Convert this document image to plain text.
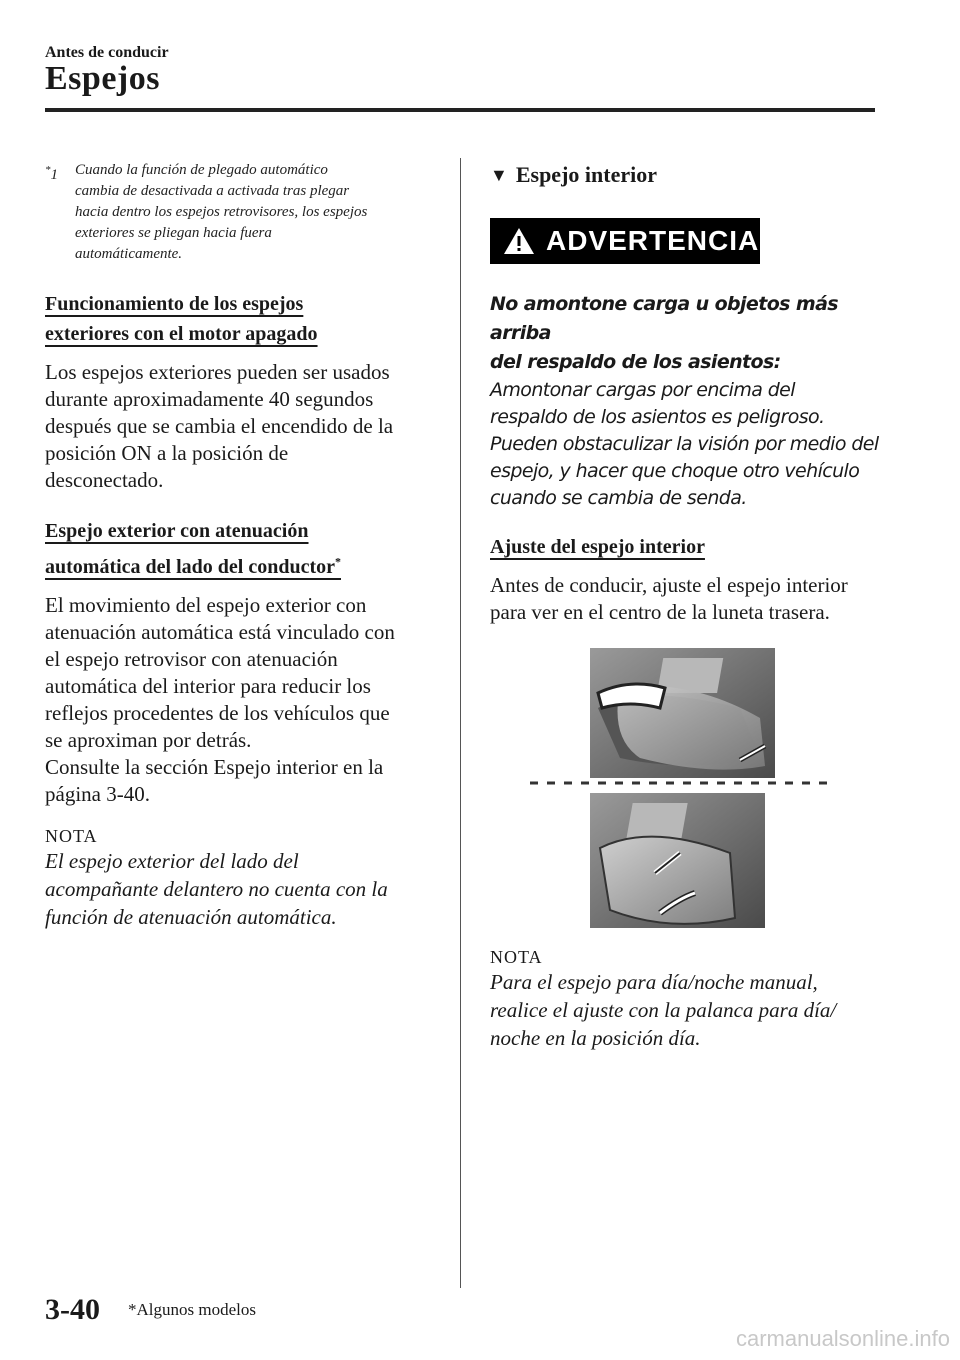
Antes de conducir
Espejos
*1	Cuando la función de plegado automático
cambia de desactivada a activada tras plegar
hacia dentro los espejos retrovisores, los espejos
exteriores se pliegan hacia fuera
automáticamente.
Funcionamiento de los espejos
exteriores con el motor apagado

Los espejos exteriores pueden ser usados
durante aproximadamente 40 segundos
después que se cambia el encendido de la
posición ON a la posición de
desconectado.

Espejo exterior con atenuación
automática del lado del conductor*

El movimiento del espejo exterior con
atenuación automática está vinculado con
el espejo retrovisor con atenuación
automática del interior para reducir los
reflejos procedentes de los vehículos que
se aproximan por detrás.
Consulte la sección Espejo interior en la
página 3-40.

NOTA

El espejo exterior del lado del
acompañante delantero no cuenta con la
función de atenuación automática.

▼ Espejo interior
ADVERTENCIA
No amontone carga u objetos más arriba
del respaldo de los asientos:

Amontonar cargas por encima del
respaldo de los asientos es peligroso.
Pueden obstaculizar la visión por medio del
espejo, y hacer que choque otro vehículo
cuando se cambia de senda.

Ajuste del espejo interior

Antes de conducir, ajuste el espejo interior
para ver en el centro de la luneta trasera.

NOTA

Para el espejo para día/noche manual,
realice el ajuste con la palanca para día/
noche en la posición día.

3-40 *Algunos modelos
carmanualsonline.info
